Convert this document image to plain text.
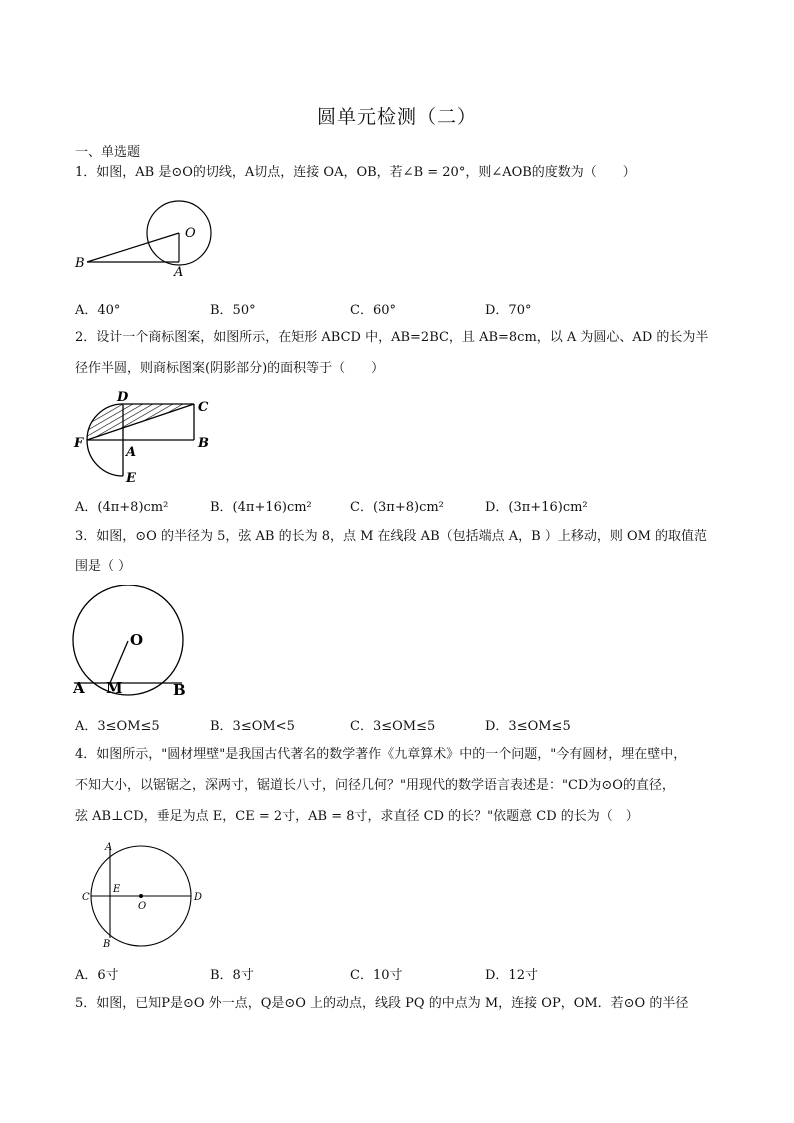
圆单元检测（二）
一、单选题
1．如图，AB 是⊙O的切线，A切点，连接 OA，OB，若∠B = 20°，则∠AOB的度数为（　　）
O
B
A
A．40°	B．50°	C．60°	D．70°
2．设计一个商标图案，如图所示，在矩形 ABCD 中，AB=2BC，且 AB=8cm，以 A 为圆心、AD 的长为半
径作半圆，则商标图案(阴影部分)的面积等于（　　）
D
C
F	B
A
E
A．(4π+8)cm²	B．(4π+16)cm²	C．(3π+8)cm²	D．(3π+16)cm²
3．如图，⊙O 的半径为 5，弦 AB 的长为 8，点 M 在线段 AB（包括端点 A，B ）上移动，则 OM 的取值范
围是（ ）
O
A M	B
A．3≤OM≤5	B．3≤OM<5	C．3≤OM≤5	D．3≤OM≤5
4．如图所示，"圆材埋壁"是我国古代著名的数学著作《九章算术》中的一个问题，"今有圆材，埋在壁中，
不知大小，以锯锯之，深两寸，锯道长八寸，问径几何？"用现代的数学语言表述是："CD为⊙O的直径，
弦 AB⊥CD，垂足为点 E，CE = 2寸，AB = 8寸，求直径 CD 的长？"依题意 CD 的长为（　）
A
C
E
O
D
B
A．6寸	B．8寸	C．10寸	D．12寸
5．如图，已知P是⊙O 外一点，Q是⊙O 上的动点，线段 PQ 的中点为 M，连接 OP，OM．若⊙O 的半径
